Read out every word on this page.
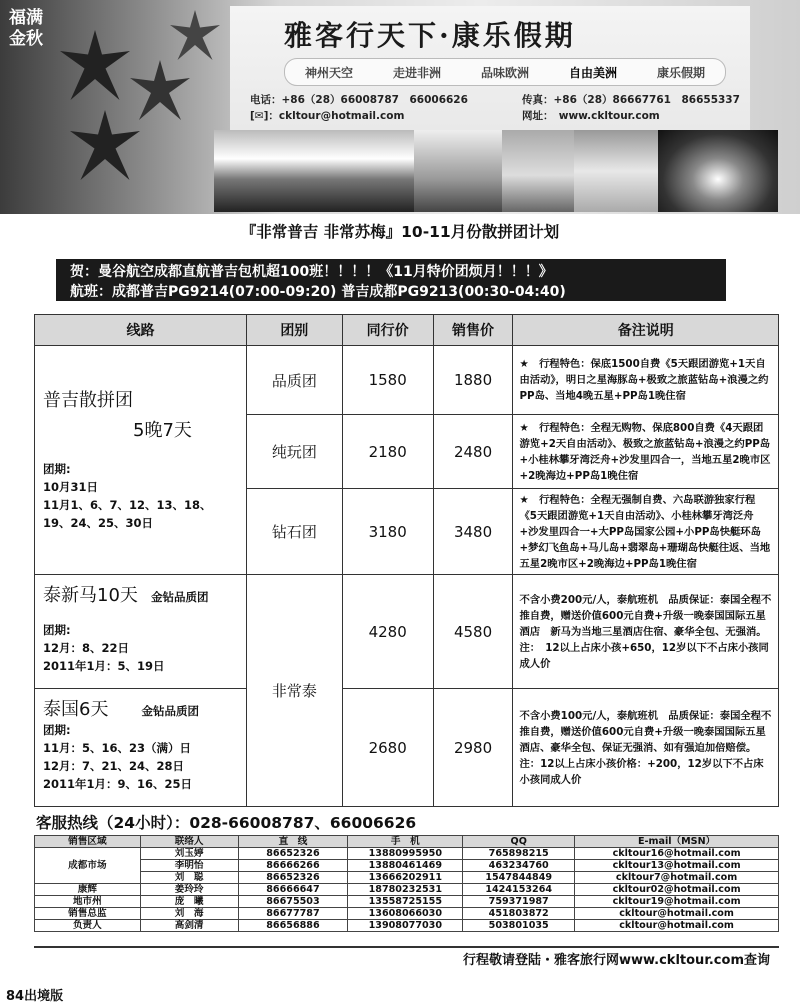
福满金秋	雅客行天下·康乐假期
神州天空	走进非洲	品味欧洲	自由美洲	康乐假期
电话：+86（28）66008787　66006626	传真：+86（28）86667761　86655337
[✉]：ckltour@hotmail.com	网址：　www.ckltour.com
『非常普吉 非常苏梅』10-11月份散拼团计划
贺：曼谷航空成都直航普吉包机超100班！！！！《11月特价团烦月！！！》
航班：成都普吉PG9214(07:00-09:20) 普吉成都PG9213(00:30-04:40)
线路	团别	同行价	销售价	备注说明

普吉散拼团
5晚7天
团期:
10月31日
11月1、6、7、12、13、18、19、24、25、30日	品质团	1580	1880	★　行程特色：保底1500自费《5天跟团游览+1天自由活动》，明日之星海豚岛+极致之旅蓝钻岛+浪漫之约PP岛、当地4晚五星+PP岛1晚住宿
	纯玩团	2180	2480	★　行程特色：全程无购物、保底800自费《4天跟团游览+2天自由活动》、极致之旅蓝钻岛+浪漫之约PP岛+小桂林攀牙湾泛舟+沙发里四合一，当地五星2晚市区+2晚海边+PP岛1晚住宿
	钻石团	3180	3480	★　行程特色：全程无强制自费、六岛联游独家行程《5天跟团游览+1天自由活动》、小桂林攀牙湾泛舟+沙发里四合一+大PP岛国家公园+小PP岛快艇环岛+梦幻飞鱼岛+马儿岛+翡翠岛+珊瑚岛快艇往返、当地五星2晚市区+2晚海边+PP岛1晚住宿

泰新马10天 金钻品质团
团期:
12月：8、22日
2011年1月：5、19日	非常泰	4280	4580	不含小费200元/人，泰航班机　品质保证：泰国全程不推自费，赠送价值600元自费+升级一晚泰国国际五星酒店　新马为当地三星酒店住宿、豪华全包、无强消。　注：　12以上占床小孩+650，12岁以下不占床小孩同成人价

泰国6天 金钻品质团
团期:
11月：5、16、23（满）日
12月：7、21、24、28日
2011年1月：9、16、25日		2680	2980	不含小费100元/人，泰航班机　品质保证：泰国全程不推自费，赠送价值600元自费+升级一晚泰国国际五星酒店、豪华全包、保证无强消、如有强迫加倍赔偿。　注：12以上占床小孩价格：+200，12岁以下不占床小孩同成人价
客服热线（24小时）：028-66008787、66006626
销售区域	联络人	直　线	手　机	QQ	E-mail（MSN）
成都市场	刘玉婷	86652326	13880995950	765898215	ckltour16@hotmail.com
	李明怡	86666266	13880461469	463234760	ckltour13@hotmail.com
	刘　聪	86652326	13666202911	1547844849	ckltour7@hotmail.com
康辉	姜玲玲	86666647	18780232531	1424153264	ckltour02@hotmail.com
地市州	庞　曦	86675503	13558725155	759371987	ckltour19@hotmail.com
销售总监	刘　海	86677787	13608066030	451803872	ckltour@hotmail.com
负责人	高剑清	86656886	13908077030	503801035	ckltour@hotmail.com
行程敬请登陆・雅客旅行网www.ckltour.com查询
84出境版
